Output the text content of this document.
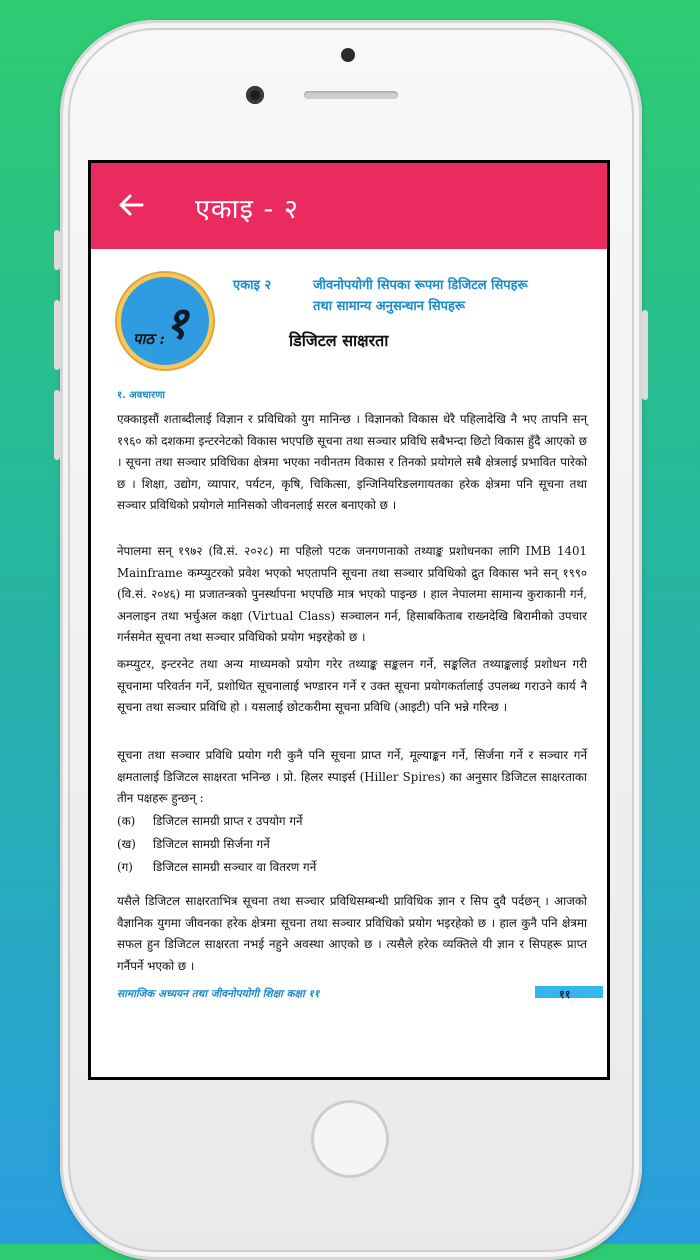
एकाइ - २
पाठ : १
एकाइ २	जीवनोपयोगी सिपका रूपमा डिजिटल सिपहरू
तथा सामान्य अनुसन्धान सिपहरू
डिजिटल साक्षरता
१. अवधारणा

एक्काइसौं शताब्दीलाई विज्ञान र प्रविधिको युग मानिन्छ । विज्ञानको विकास धेरै पहिलादेखि नै भए तापनि सन् १९६० को दशकमा इन्टरनेटको विकास भएपछि सूचना तथा सञ्चार प्रविधि सबैभन्दा छिटो विकास हुँदै आएको छ । सूचना तथा सञ्चार प्रविधिका क्षेत्रमा भएका नवीनतम विकास र तिनको प्रयोगले सबै क्षेत्रलाई प्रभावित पारेको छ । शिक्षा, उद्योग, व्यापार, पर्यटन, कृषि, चिकित्सा, इन्जिनियरिङलगायतका हरेक क्षेत्रमा पनि सूचना तथा सञ्चार प्रविधिको प्रयोगले मानिसको जीवनलाई सरल बनाएको छ ।

नेपालमा सन् १९७२ (वि.सं. २०२८) मा पहिलो पटक जनगणनाको तथ्याङ्क प्रशोधनका लागि IMB 1401 Mainframe कम्प्युटरको प्रवेश भएको भएतापनि सूचना तथा सञ्चार प्रविधिको द्रुत विकास भने सन् १९९० (वि.सं. २०४६) मा प्रजातन्त्रको पुनर्स्थापना भएपछि मात्र भएको पाइन्छ । हाल नेपालमा सामान्य कुराकानी गर्न, अनलाइन तथा भर्चुअल कक्षा (Virtual Class) सञ्चालन गर्न, हिसाबकिताब राख्नदेखि बिरामीको उपचार गर्नसमेत सूचना तथा सञ्चार प्रविधिको प्रयोग भइरहेको छ ।

कम्प्युटर, इन्टरनेट तथा अन्य माध्यमको प्रयोग गरेर तथ्याङ्क सङ्कलन गर्ने, सङ्कलित तथ्याङ्कलाई प्रशोधन गरी सूचनामा परिवर्तन गर्ने, प्रशोधित सूचनालाई भण्डारन गर्ने र उक्त सूचना प्रयोगकर्तालाई उपलब्ध गराउने कार्य नै सूचना तथा सञ्चार प्रविधि हो । यसलाई छोटकरीमा सूचना प्रविधि (आइटी) पनि भन्ने गरिन्छ ।

सूचना तथा सञ्चार प्रविधि प्रयोग गरी कुनै पनि सूचना प्राप्त गर्ने, मूल्याङ्कन गर्ने, सिर्जना गर्ने र सञ्चार गर्ने क्षमतालाई डिजिटल साक्षरता भनिन्छ । प्रो. हिलर स्पाइर्स (Hiller Spires) का अनुसार डिजिटल साक्षरताका तीन पक्षहरू हुन्छन् :

(क)	डिजिटल सामग्री प्राप्त र उपयोग गर्ने
(ख)	डिजिटल सामग्री सिर्जना गर्ने
(ग)	डिजिटल सामग्री सञ्चार वा वितरण गर्ने

यसैले डिजिटल साक्षरताभित्र सूचना तथा सञ्चार प्रविधिसम्बन्धी प्राविधिक ज्ञान र सिप दुवै पर्दछन् । आजको वैज्ञानिक युगमा जीवनका हरेक क्षेत्रमा सूचना तथा सञ्चार प्रविधिको प्रयोग भइरहेको छ । हाल कुनै पनि क्षेत्रमा सफल हुन डिजिटल साक्षरता नभई नहुने अवस्था आएको छ । त्यसैले हरेक व्यक्तिले यी ज्ञान र सिपहरू प्राप्त गर्नैपर्ने भएको छ ।

सामाजिक अध्ययन तथा जीवनोपयोगी शिक्षा कक्षा ११	११
